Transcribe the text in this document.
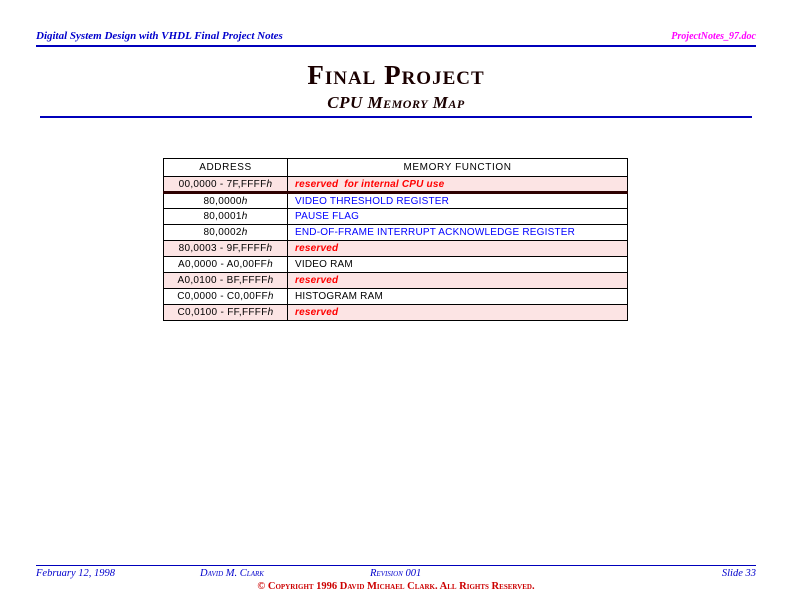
Digital System Design with VHDL Final Project Notes	ProjectNotes_97.doc
Final Project
CPU Memory Map
ADDRESS	MEMORY FUNCTION
00,0000 - 7F,FFFFh	reserved  for internal CPU use
80,0000h	VIDEO THRESHOLD REGISTER
80,0001h	PAUSE FLAG
80,0002h	END-OF-FRAME INTERRUPT ACKNOWLEDGE REGISTER
80,0003 - 9F,FFFFh	reserved
A0,0000 - A0,00FFh	VIDEO RAM
A0,0100 - BF,FFFFh	reserved
C0,0000 - C0,00FFh	HISTOGRAM RAM
C0,0100 - FF,FFFFh	reserved
February 12, 1998	David M. Clark	Revision 001	Slide 33
© Copyright 1996 David Michael Clark. All Rights Reserved.
